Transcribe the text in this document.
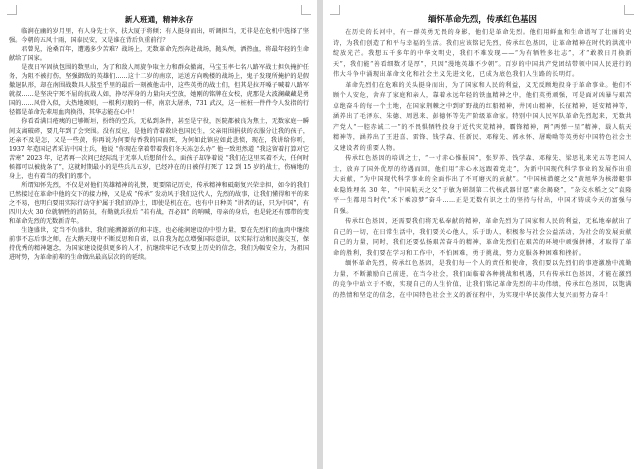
新人班通，精神永存

临涧在幽的岁月里，有人身先士卒，扶大厦于将倾；有人挺身而出，听调担当，无非是在危机中选择了坚强。今朝的五风十雨，国泰民安，又是谁在背后负重前行？

君曾见，沧桑百年，遭遇多少苦难？战场上，无数革命先烈奔赴战场，抛头颅，洒热血，将最年轻的生命献给了国家。

是夜日军固执包围的数里山，为了和敌人周旋争取主力和群众撤离，马宝玉率七名八路军战士担负掩护任务，为阻不被打伤，坚强御敌的英雄们……这十二岁的南京，运送方向晚楼的战场上，鬼子发现所掩护的是假撤退队形，却在南围战数具人肢至乎里的最后一刻被他击中，这些英勇的战士们，但其是拉开嗓子喊着八路军就叔……是坚决宁死不屈的抗战人如，挣尽浑身的力量向天空放，她刚的铭牌在女校，虎那是大波澜藏藏是勇国的……风骨入似，大热地颁则，一根利刃般的一样，南京大屠杀，731 武汉，这一桩桩一件件令人发指的行径都是革命先辈用血肉换得，其华志能在心中！

你看看满目疮痍的已够断垣，扮终的空兵，无私到条件，甚至是宁役，医院都被良为焦土，无数家庭一瞬间支离破碎，要几年到了会突围。没有反应，是他的背着救块也国民生，父亲用围捐获的衣服分让我的孩子，还亲不及是怎，又是一些黄，你再说为何要每香我的国而死，为何如此镇应如此悲愤，现在，我讲给你听，1937 年造国记者采访中国士兵，他说 “你现在拿着带着我们冬天冻怎么办” 他一致坦然道 “我这留着打算对它苦寒” 2023 年，记者再一次问已经际乱于无辜人后想留什么，面孩子却净着说 “我们在这里买着不大，任何时候都可以被拢条了”，这就时期最小的是些兵儿五岁，已经冲在的日被俘打死了 12 到 15 岁的战士，伤痛地的身上，也有着当的我们的那个。

所谓知怀先烈，不仅是对他们英雄精神的礼赞，更要陪记历史，传承精神和砥砺复兴荣幸担，如今的我们已然接过在革命中他的交下的接力棒，又是成 “传承” 发动风于我们这代人，先烈的故事，让我们懂得和平的来之不易，也明白要用实际行动守护属于我们的净土，即使是机在在，也有中日种美 “讲者的证，只为中国”，有四川大火 30 位就牺牲的消防员，有勤就兵役后 “若有战，召必回” 的呐喊，母亲的身后，也是轮还有那带的变和革命先烈的无数新青年。

生逢盛世，定当不负盛世，我们能溯源新的和丰连，也必能润建设的中望力量，要在先烈们的血肉中继续前事不忘后事之师，在大鹅天现中不断反思和自省，以自我为起点增强国际意识，以实际行动和民族交互，保持优秀的精神题念，为国家建设提供更多的人才，抗继续牢记不改要上历史的信念，我们为幅安全力，为祖国进时势，为革命前辈的生命做出最高层次的的延续。

缅怀革命先烈，传承红色基因

在历史的长河中，有一群英勇无畏的身影，他们是革命先烈。他们用鲜血和生命谱写了壮丽的史诗，为我们创造了和平与幸福的生活。我们应该铭记先烈，传承红色基因，让革命精神在时代的洪流中绽放光芒。我想五千多年的中华文明史，我们不难发现——“为有牺牲多壮志”，才“敢教日月换新天”，我们能“善看细数才是厚”，只因“漫地英雄不少朝”。百岁的中国共产党团结带领中国人民进行的伟大斗争中涌现出革命文化和社会主义先进文化，已成为底色我们人生路的长明灯。

革命先烈们在危难的关头挺身而出，为了国家和人民的利益，义无反顾地投身于革命事业。他们不顾个人安危，舍弃了家庭和亲人，靠着永远年轻的铁血精神之中，他们英勇顽强，可是面对凶暴与艰苦卓绝奋斗的每一个土地，在国家荆棘之中到旷野战的红船精神，井冈山精神，长征精神，延安精神等，涵养出了毛泽东、朱德、周恩来、彭德怀等先产阶级革命家。特别中国人民军队革命先烈起来，无数共产党人“一腔赤诚二一”的不畏惧牺牲投身于近代灾荒精神，霸锋精神，两“两弹一星”精神，载人航天精神等，涵养出了王进喜、雷锋、钱学森、任新民、邓稼先、郭永怀、屠呦呦等英勇好中国特色社会主义建设者的重要人物。

传承红色基因的培训之士，“一寸赤心惟报国”，张罗养、钱学森、邓稼先、梁思礼来光五等老国人士，放弃了国外优厚的待遇而回，他们用“赤心永远跟着党走”，为新中国现代科学事业的发展作出重大贡献，“为中国现代科学事业的全面作出了不可磨灭的贡献”。“中国核潜艇之父”黄旭华为核潜艇事业隐姓埋名 30 年，“中国航天之父”于敏为研制第二代核武器甘愿“素余揭晓”，“杂交水稻之父”袁隆平一生都用当时代“禾下乘凉梦”奋斗……正是无数有识之士的坚持与付出，中国才铸成今天的富强与自强。

传承红色基因，还需要我们将无私奉献的精神，革命先烈为了国家和人民的利益，无私地奉献出了自己的一切，在日常生活中，我们要关心他人，乐于助人，积极参与社会公益活动，为社会的发展贡献自己的力量，同时，我们还要弘扬艰苦奋斗的精神，革命先烈们在艰苦的环境中顽强拼搏，才取得了革命的胜利，我们要在学习和工作中，不怕困难，勇于挑战，努力克服各种困难和挫折。

缅怀革命先烈，传承红色基因，是我们每一个人的责任和使命，我们要以先烈们的事迹激励中流勤力量，不断激励自己前进，在当今社会，我们面临着各种挑战和机遇，只有传承红色基因，才能在激烈的竞争中站立于不败，实现自己的人生价值，让我们铭记革命先烈的丰功伟绩，传承红色基因，以饱满的热情和坚定的信念，在中国特色社会主义的新征程中，为实现中华民族伟大复兴而努力奋斗！
